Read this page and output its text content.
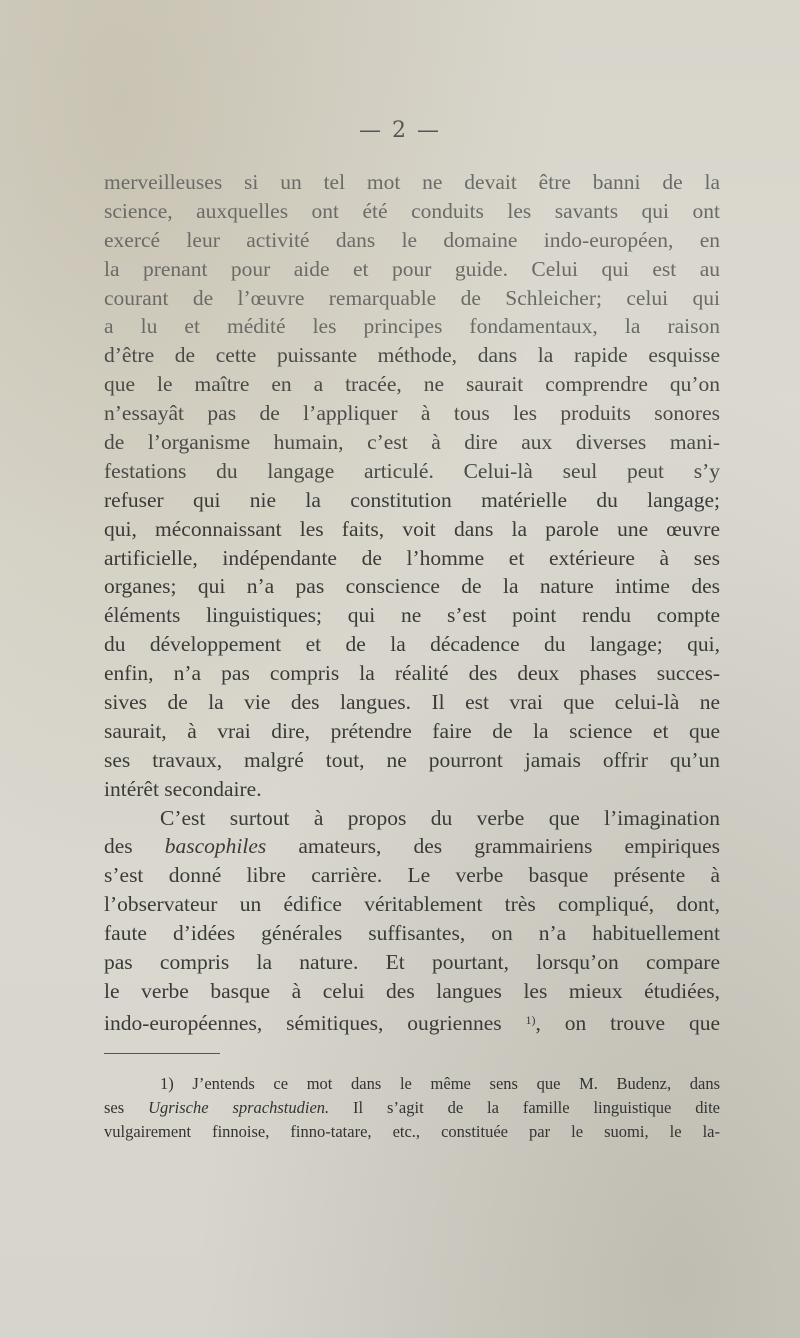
— 2 —
merveilleuses si un tel mot ne devait être banni de la
science, auxquelles ont été conduits les savants qui ont
exercé leur activité dans le domaine indo-européen, en
la prenant pour aide et pour guide. Celui qui est au
courant de l’œuvre remarquable de Schleicher; celui qui
a lu et médité les principes fondamentaux, la raison
d’être de cette puissante méthode, dans la rapide esquisse
que le maître en a tracée, ne saurait comprendre qu’on
n’essayât pas de l’appliquer à tous les produits sonores
de l’organisme humain, c’est à dire aux diverses mani-
festations du langage articulé. Celui-là seul peut s’y
refuser qui nie la constitution matérielle du langage;
qui, méconnaissant les faits, voit dans la parole une œuvre
artificielle, indépendante de l’homme et extérieure à ses
organes; qui n’a pas conscience de la nature intime des
éléments linguistiques; qui ne s’est point rendu compte
du développement et de la décadence du langage; qui,
enfin, n’a pas compris la réalité des deux phases succes-
sives de la vie des langues. Il est vrai que celui-là ne
saurait, à vrai dire, prétendre faire de la science et que
ses travaux, malgré tout, ne pourront jamais offrir qu’un
intérêt secondaire.
C’est surtout à propos du verbe que l’imagination
des bascophiles amateurs, des grammairiens empiriques
s’est donné libre carrière. Le verbe basque présente à
l’observateur un édifice véritablement très compliqué, dont,
faute d’idées générales suffisantes, on n’a habituellement
pas compris la nature. Et pourtant, lorsqu’on compare
le verbe basque à celui des langues les mieux étudiées,
indo-européennes, sémitiques, ougriennes $^{1)}$, on trouve que
1) J’entends ce mot dans le même sens que M. Budenz, dans
ses Ugrische sprachstudien. Il s’agit de la famille linguistique dite
vulgairement finnoise, finno-tatare, etc., constituée par le suomi, le la-
